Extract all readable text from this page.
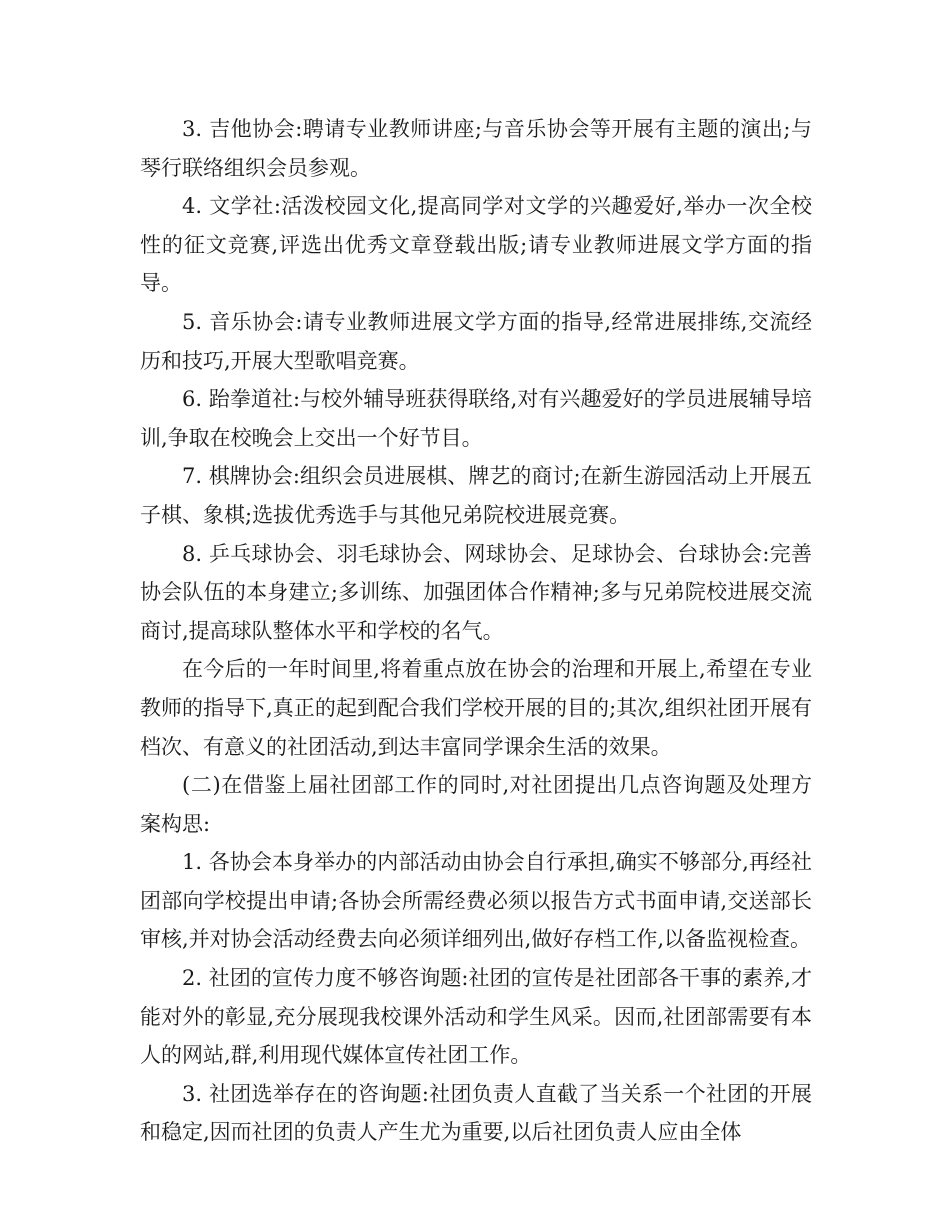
3. 吉他协会:聘请专业教师讲座;与音乐协会等开展有主题的演出;与琴行联络组织会员参观。

4. 文学社:活泼校园文化,提高同学对文学的兴趣爱好,举办一次全校性的征文竞赛,评选出优秀文章登载出版;请专业教师进展文学方面的指导。

5. 音乐协会:请专业教师进展文学方面的指导,经常进展排练,交流经历和技巧,开展大型歌唱竞赛。

6. 跆拳道社:与校外辅导班获得联络,对有兴趣爱好的学员进展辅导培训,争取在校晚会上交出一个好节目。

7. 棋牌协会:组织会员进展棋、牌艺的商讨;在新生游园活动上开展五子棋、象棋;选拔优秀选手与其他兄弟院校进展竞赛。

8. 乒乓球协会、羽毛球协会、网球协会、足球协会、台球协会:完善协会队伍的本身建立;多训练、加强团体合作精神;多与兄弟院校进展交流商讨,提高球队整体水平和学校的名气。

在今后的一年时间里,将着重点放在协会的治理和开展上,希望在专业教师的指导下,真正的起到配合我们学校开展的目的;其次,组织社团开展有档次、有意义的社团活动,到达丰富同学课余生活的效果。

(二)在借鉴上届社团部工作的同时,对社团提出几点咨询题及处理方案构思:

1. 各协会本身举办的内部活动由协会自行承担,确实不够部分,再经社团部向学校提出申请;各协会所需经费必须以报告方式书面申请,交送部长审核,并对协会活动经费去向必须详细列出,做好存档工作,以备监视检查。

2. 社团的宣传力度不够咨询题:社团的宣传是社团部各干事的素养,才能对外的彰显,充分展现我校课外活动和学生风采。因而,社团部需要有本人的网站,群,利用现代媒体宣传社团工作。

3. 社团选举存在的咨询题:社团负责人直截了当关系一个社团的开展和稳定,因而社团的负责人产生尤为重要,以后社团负责人应由全体
